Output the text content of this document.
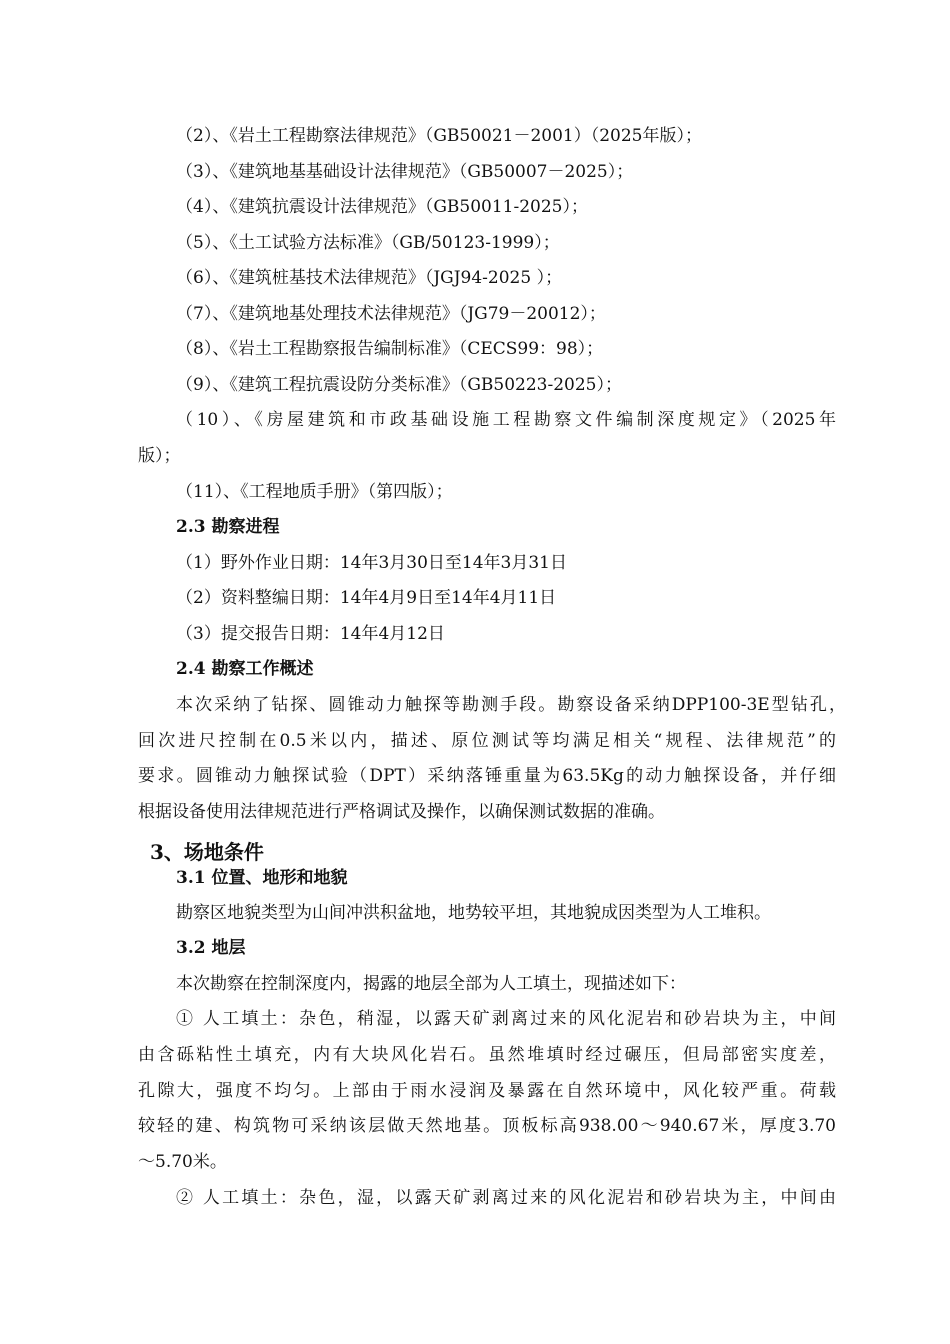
（2）、《岩土工程勘察法律规范》（GB50021－2001）（2025年版）；
（3）、《建筑地基基础设计法律规范》（GB50007－2025）；
（4）、《建筑抗震设计法律规范》（GB50011-2025）；
（5）、《土工试验方法标准》（GB/50123-1999）；
（6）、《建筑桩基技术法律规范》（JGJ94-2025 ）；
（7）、《建筑地基处理技术法律规范》（JG79－20012）；
（8）、《岩土工程勘察报告编制标准》（CECS99：98）；
（9）、《建筑工程抗震设防分类标准》（GB50223-2025）；
（10）、《房屋建筑和市政基础设施工程勘察文件编制深度规定》（2025年
版）；
（11）、《工程地质手册》（第四版）；
2.3 勘察进程
（1）野外作业日期：14年3月30日至14年3月31日
（2）资料整编日期：14年4月9日至14年4月11日
（3）提交报告日期：14年4月12日
2.4 勘察工作概述
本次采纳了钻探、圆锥动力触探等勘测手段。勘察设备采纳DPP100-3E型钻孔，
回次进尺控制在0.5米以内，描述、原位测试等均满足相关“规程、法律规范”的
要求。圆锥动力触探试验（DPT）采纳落锤重量为63.5Kg的动力触探设备，并仔细
根据设备使用法律规范进行严格调试及操作，以确保测试数据的准确。
3、场地条件
3.1 位置、地形和地貌
勘察区地貌类型为山间冲洪积盆地，地势较平坦，其地貌成因类型为人工堆积。
3.2 地层
本次勘察在控制深度内，揭露的地层全部为人工填土，现描述如下：
① 人工填土：杂色，稍湿，以露天矿剥离过来的风化泥岩和砂岩块为主，中间
由含砾粘性土填充，内有大块风化岩石。虽然堆填时经过碾压，但局部密实度差，
孔隙大，强度不均匀。上部由于雨水浸润及暴露在自然环境中，风化较严重。荷载
较轻的建、构筑物可采纳该层做天然地基。顶板标高938.00～940.67米，厚度3.70
～5.70米。
② 人工填土：杂色，湿，以露天矿剥离过来的风化泥岩和砂岩块为主，中间由
